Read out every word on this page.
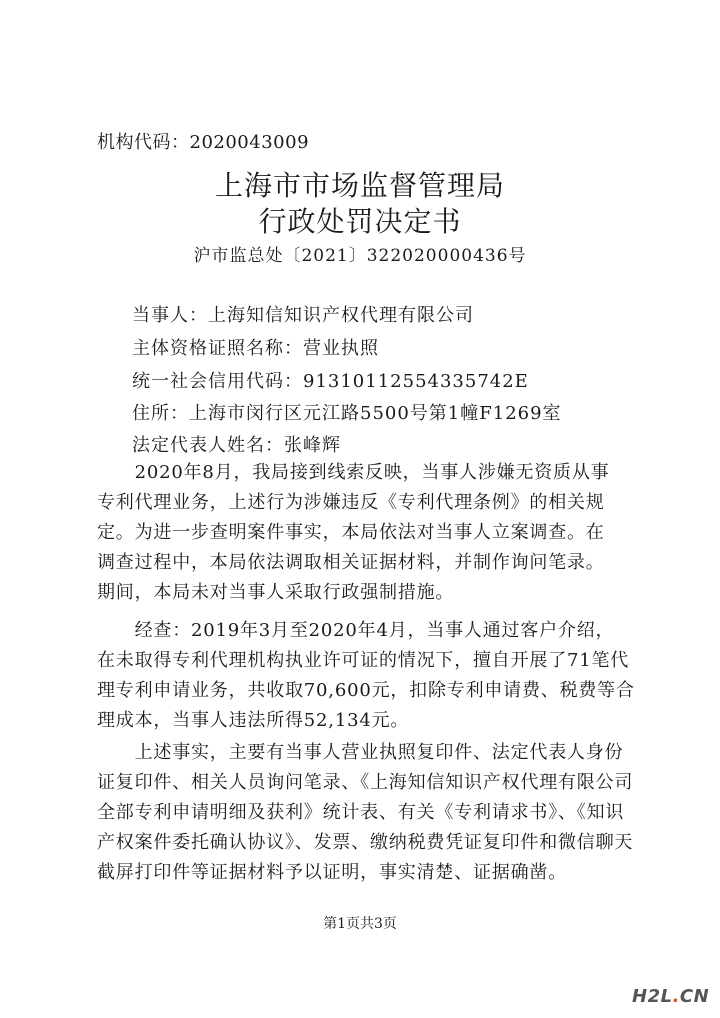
机构代码：2020043009
上海市市场监督管理局
行政处罚决定书
沪市监总处〔2021〕322020000436号
当事人：上海知信知识产权代理有限公司
主体资格证照名称：营业执照
统一社会信用代码：91310112554335742E
住所：上海市闵行区元江路5500号第1幢F1269室
法定代表人姓名：张峰辉

　　2020年8月，我局接到线索反映，当事人涉嫌无资质从事

专利代理业务，上述行为涉嫌违反《专利代理条例》的相关规

定。为进一步查明案件事实，本局依法对当事人立案调查。在

调查过程中，本局依法调取相关证据材料，并制作询问笔录。

期间，本局未对当事人采取行政强制措施。

　　经查：2019年3月至2020年4月，当事人通过客户介绍，

在未取得专利代理机构执业许可证的情况下，擅自开展了71笔代

理专利申请业务，共收取70,600元，扣除专利申请费、税费等合

理成本，当事人违法所得52,134元。

　　上述事实，主要有当事人营业执照复印件、法定代表人身份

证复印件、相关人员询问笔录、《上海知信知识产权代理有限公司

全部专利申请明细及获利》统计表、有关《专利请求书》、《知识

产权案件委托确认协议》、发票、缴纳税费凭证复印件和微信聊天

截屏打印件等证据材料予以证明，事实清楚、证据确凿。

第1页共3页
H2L.CN
